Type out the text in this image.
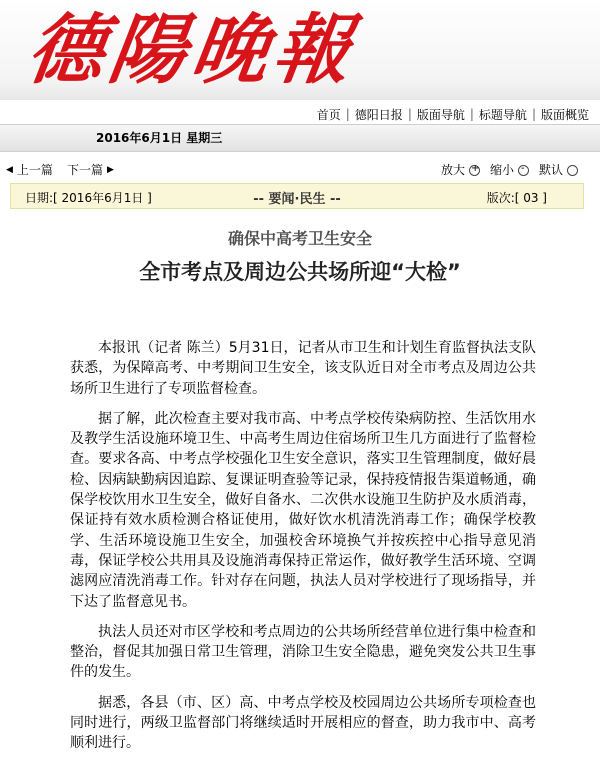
德陽晚報
首页 | 德阳日报 | 版面导航 | 标题导航 | 版面概览
2016年6月1日 星期三
◀ 上一篇 下一篇 ▶	放大 + 缩小 - 默认
日期:[ 2016年6月1日 ]	-- 要闻·民生 --	版次:[ 03 ]
确保中高考卫生安全
全市考点及周边公共场所迎“大检”

本报讯（记者 陈兰）5月31日，记者从市卫生和计划生育监督执法支队获悉，为保障高考、中考期间卫生安全，该支队近日对全市考点及周边公共场所卫生进行了专项监督检查。

据了解，此次检查主要对我市高、中考点学校传染病防控、生活饮用水及教学生活设施环境卫生、中高考生周边住宿场所卫生几方面进行了监督检查。要求各高、中考点学校强化卫生安全意识，落实卫生管理制度，做好晨检、因病缺勤病因追踪、复课证明查验等记录，保持疫情报告渠道畅通，确保学校饮用水卫生安全，做好自备水、二次供水设施卫生防护及水质消毒，保证持有效水质检测合格证使用，做好饮水机清洗消毒工作；确保学校教学、生活环境设施卫生安全，加强校舍环境换气并按疾控中心指导意见消毒，保证学校公共用具及设施消毒保持正常运作，做好教学生活环境、空调滤网应清洗消毒工作。针对存在问题，执法人员对学校进行了现场指导，并下达了监督意见书。

执法人员还对市区学校和考点周边的公共场所经营单位进行集中检查和整治，督促其加强日常卫生管理，消除卫生安全隐患，避免突发公共卫生事件的发生。

据悉，各县（市、区）高、中考点学校及校园周边公共场所专项检查也同时进行，两级卫监督部门将继续适时开展相应的督查，助力我市中、高考顺利进行。
